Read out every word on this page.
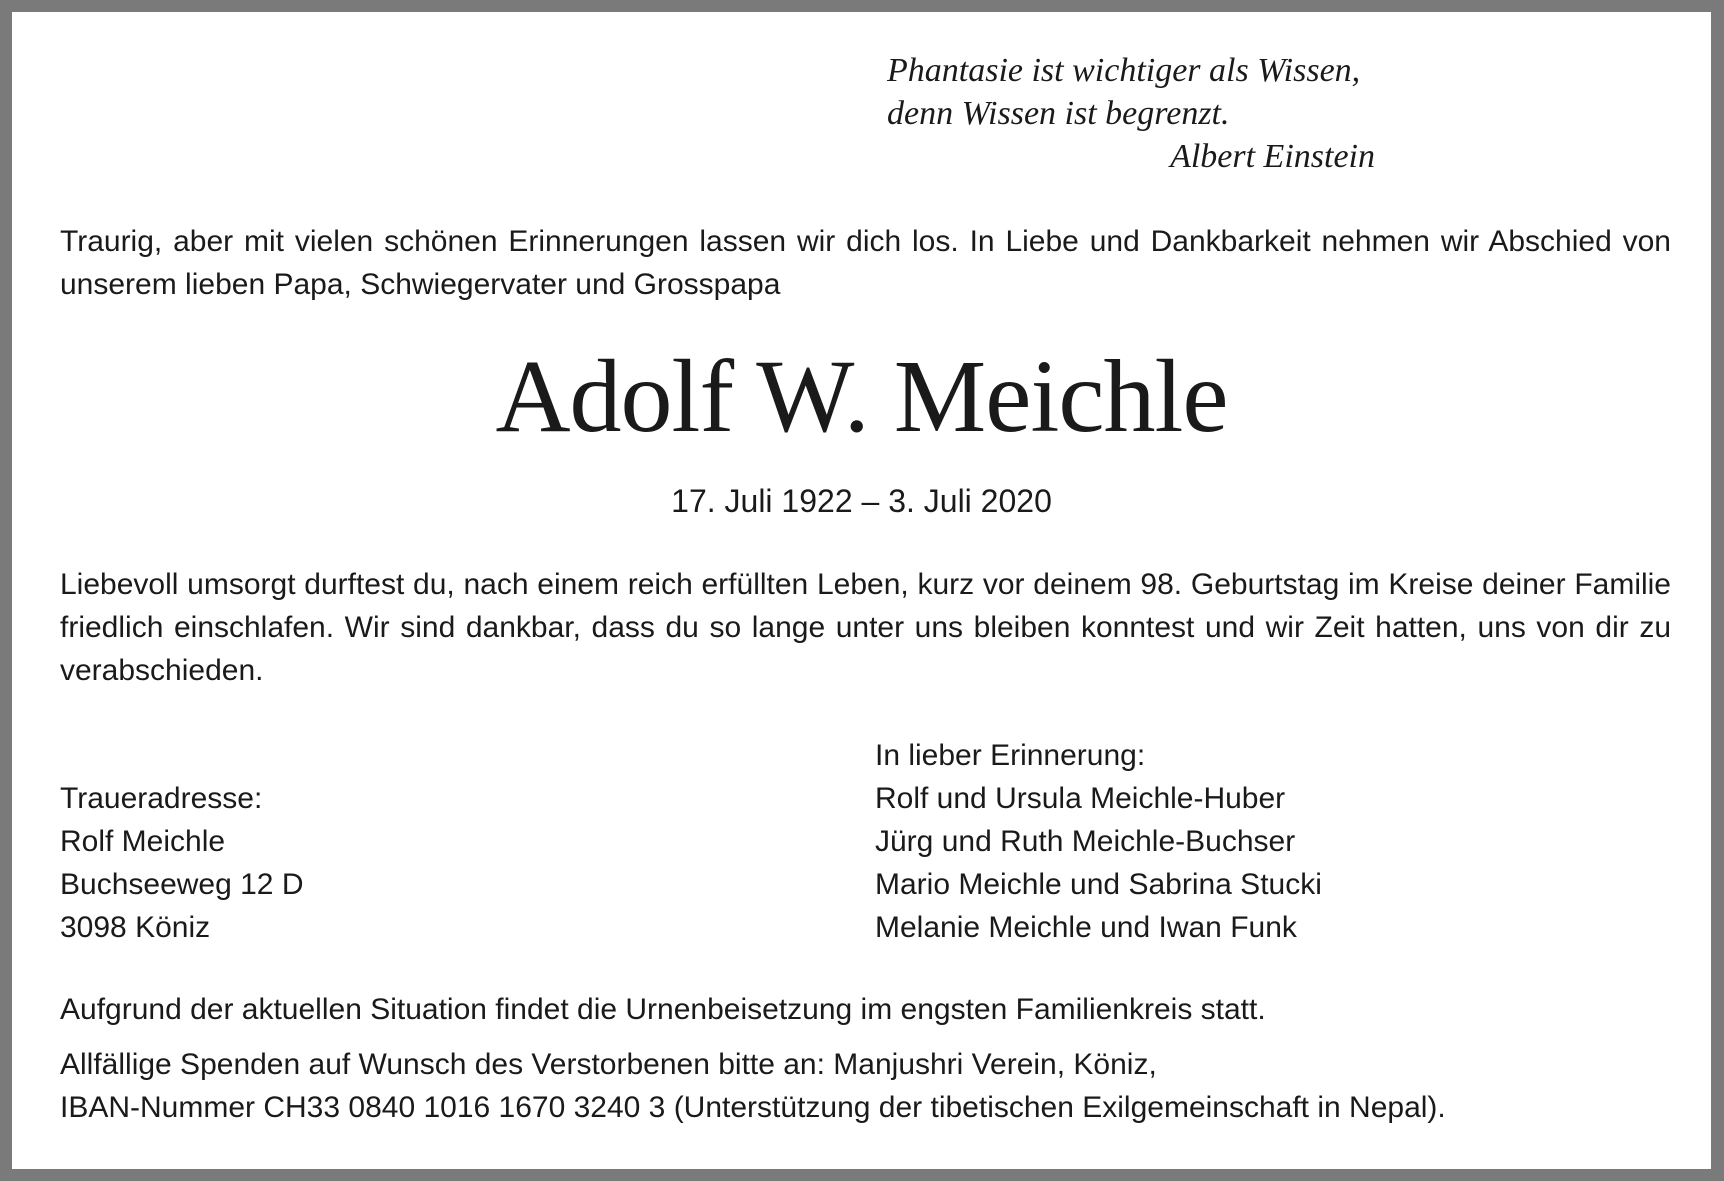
Phantasie ist wichtiger als Wissen,
denn Wissen ist begrenzt.
Albert Einstein

Traurig, aber mit vielen schönen Erinnerungen lassen wir dich los. In Liebe und Dankbarkeit nehmen wir Abschied von unserem lieben Papa, Schwiegervater und Grosspapa

Adolf W. Meichle
17. Juli 1922 – 3. Juli 2020

Liebevoll umsorgt durftest du, nach einem reich erfüllten Leben, kurz vor deinem 98. Geburtstag im Kreise deiner Familie friedlich einschlafen. Wir sind dankbar, dass du so lange unter uns bleiben konntest und wir Zeit hatten, uns von dir zu verabschieden.

Traueradresse:
Rolf Meichle
Buchseeweg 12 D
3098 Köniz
In lieber Erinnerung:
Rolf und Ursula Meichle-Huber
Jürg und Ruth Meichle-Buchser
Mario Meichle und Sabrina Stucki
Melanie Meichle und Iwan Funk
Aufgrund der aktuellen Situation findet die Urnenbeisetzung im engsten Familienkreis statt.
Allfällige Spenden auf Wunsch des Verstorbenen bitte an: Manjushri Verein, Köniz,
IBAN-Nummer CH33 0840 1016 1670 3240 3 (Unterstützung der tibetischen Exilgemeinschaft in Nepal).
